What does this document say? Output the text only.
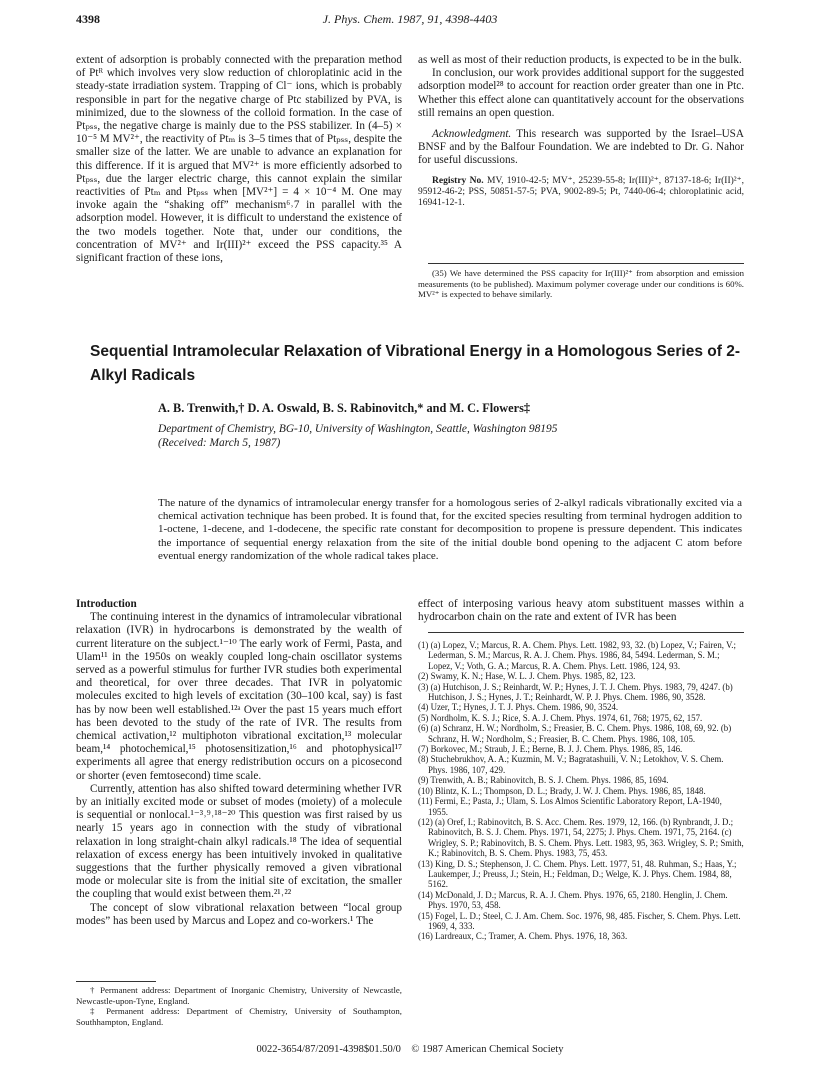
4398	J. Phys. Chem. 1987, 91, 4398-4403

extent of adsorption is probably connected with the preparation method of Ptᴿ which involves very slow reduction of chloroplatinic acid in the steady-state irradiation system. Trapping of Cl⁻ ions, which is probably responsible in part for the negative charge of Ptc stabilized by PVA, is minimized, due to the slowness of the colloid formation. In the case of Ptₚₛₛ, the negative charge is mainly due to the PSS stabilizer. In (4–5) × 10⁻⁵ M MV²⁺, the reactivity of Ptₘ is 3–5 times that of Ptₚₛₛ, despite the smaller size of the latter. We are unable to advance an explanation for this difference. If it is argued that MV²⁺ is more efficiently adsorbed to Ptₚₛₛ, due the larger electric charge, this cannot explain the similar reactivities of Ptₘ and Ptₚₛₛ when [MV²⁺] = 4 × 10⁻⁴ M. One may invoke again the “shaking off” mechanism⁶˒7 in parallel with the adsorption model. However, it is difficult to understand the existence of the two models together. Note that, under our conditions, the concentration of MV²⁺ and Ir(III)²⁺ exceed the PSS capacity.³⁵ A significant fraction of these ions,

as well as most of their reduction products, is expected to be in the bulk.

In conclusion, our work provides additional support for the suggested adsorption model²⁸ to account for reaction order greater than one in Ptc. Whether this effect alone can quantitatively account for the observations still remains an open question.

Acknowledgment. This research was supported by the Israel–USA BNSF and by the Balfour Foundation. We are indebted to Dr. G. Nahor for useful discussions.

Registry No. MV, 1910-42-5; MV⁺, 25239-55-8; Ir(III)²⁺, 87137-18-6; Ir(II)²⁺, 95912-46-2; PSS, 50851-57-5; PVA, 9002-89-5; Pt, 7440-06-4; chloroplatinic acid, 16941-12-1.

(35) We have determined the PSS capacity for Ir(III)²⁺ from absorption and emission measurements (to be published). Maximum polymer coverage under our conditions is 60%. MV²⁺ is expected to behave similarly.

Sequential Intramolecular Relaxation of Vibrational Energy in a Homologous Series of 2-Alkyl Radicals
A. B. Trenwith,† D. A. Oswald, B. S. Rabinovitch,* and M. C. Flowers‡
Department of Chemistry, BG-10, University of Washington, Seattle, Washington 98195
(Received: March 5, 1987)
The nature of the dynamics of intramolecular energy transfer for a homologous series of 2-alkyl radicals vibrationally excited via a chemical activation technique has been probed. It is found that, for the excited species resulting from terminal hydrogen addition to 1-octene, 1-decene, and 1-dodecene, the specific rate constant for decomposition to propene is pressure dependent. This indicates the importance of sequential energy relaxation from the site of the initial double bond opening to the adjacent C atom before eventual energy randomization of the whole radical takes place.

Introduction

The continuing interest in the dynamics of intramolecular vibrational relaxation (IVR) in hydrocarbons is demonstrated by the wealth of current literature on the subject.¹⁻¹⁰ The early work of Fermi, Pasta, and Ulam¹¹ in the 1950s on weakly coupled long-chain oscillator systems served as a powerful stimulus for further IVR studies both experimental and theoretical, for over three decades. That IVR in polyatomic molecules excited to high levels of excitation (30–100 kcal, say) is fast has by now been well established.¹²ᵃ Over the past 15 years much effort has been devoted to the study of the rate of IVR. The results from chemical activation,¹² multiphoton vibrational excitation,¹³ molecular beam,¹⁴ photochemical,¹⁵ photosensitization,¹⁶ and photophysical¹⁷ experiments all agree that energy redistribution occurs on a picosecond or shorter (even femtosecond) time scale.

Currently, attention has also shifted toward determining whether IVR by an initially excited mode or subset of modes (moiety) of a molecule is sequential or nonlocal.¹⁻³˒⁹˒¹⁸⁻²⁰ This question was first raised by us nearly 15 years ago in connection with the study of vibrational relaxation in long straight-chain alkyl radicals.¹⁸ The idea of sequential relaxation of excess energy has been intuitively invoked in qualitative suggestions that the further physically removed a given vibrational mode or molecular site is from the initial site of excitation, the smaller the coupling that would exist between them.²¹˒²²

The concept of slow vibrational relaxation between “local group modes” has been used by Marcus and Lopez and co-workers.¹ The

† Permanent address: Department of Inorganic Chemistry, University of Newcastle, Newcastle-upon-Tyne, England.

‡ Permanent address: Department of Chemistry, University of Southampton, Southhampton, England.

effect of interposing various heavy atom substituent masses within a hydrocarbon chain on the rate and extent of IVR has been

(1) (a) Lopez, V.; Marcus, R. A. Chem. Phys. Lett. 1982, 93, 32. (b) Lopez, V.; Fairen, V.; Lederman, S. M.; Marcus, R. A. J. Chem. Phys. 1986, 84, 5494. Lederman, S. M.; Lopez, V.; Voth, G. A.; Marcus, R. A. Chem. Phys. Lett. 1986, 124, 93.

(2) Swamy, K. N.; Hase, W. L. J. Chem. Phys. 1985, 82, 123.

(3) (a) Hutchison, J. S.; Reinhardt, W. P.; Hynes, J. T. J. Chem. Phys. 1983, 79, 4247. (b) Hutchison, J. S.; Hynes, J. T.; Reinhardt, W. P. J. Phys. Chem. 1986, 90, 3528.

(4) Uzer, T.; Hynes, J. T. J. Phys. Chem. 1986, 90, 3524.

(5) Nordholm, K. S. J.; Rice, S. A. J. Chem. Phys. 1974, 61, 768; 1975, 62, 157.

(6) (a) Schranz, H. W.; Nordholm, S.; Freasier, B. C. Chem. Phys. 1986, 108, 69, 92. (b) Schranz, H. W.; Nordholm, S.; Freasier, B. C. Chem. Phys. 1986, 108, 105.

(7) Borkovec, M.; Straub, J. E.; Berne, B. J. J. Chem. Phys. 1986, 85, 146.

(8) Stuchebrukhov, A. A.; Kuzmin, M. V.; Bagratashuili, V. N.; Letokhov, V. S. Chem. Phys. 1986, 107, 429.

(9) Trenwith, A. B.; Rabinovitch, B. S. J. Chem. Phys. 1986, 85, 1694.

(10) Blintz, K. L.; Thompson, D. L.; Brady, J. W. J. Chem. Phys. 1986, 85, 1848.

(11) Fermi, E.; Pasta, J.; Ulam, S. Los Almos Scientific Laboratory Report, LA-1940, 1955.

(12) (a) Oref, I.; Rabinovitch, B. S. Acc. Chem. Res. 1979, 12, 166. (b) Rynbrandt, J. D.; Rabinovitch, B. S. J. Chem. Phys. 1971, 54, 2275; J. Phys. Chem. 1971, 75, 2164. (c) Wrigley, S. P.; Rabinovitch, B. S. Chem. Phys. Lett. 1983, 95, 363. Wrigley, S. P.; Smith, K.; Rabinovitch, B. S. Chem. Phys. 1983, 75, 453.

(13) King, D. S.; Stephenson, J. C. Chem. Phys. Lett. 1977, 51, 48. Ruhman, S.; Haas, Y.; Laukemper, J.; Preuss, J.; Stein, H.; Feldman, D.; Welge, K. J. Phys. Chem. 1984, 88, 5162.

(14) McDonald, J. D.; Marcus, R. A. J. Chem. Phys. 1976, 65, 2180. Henglin, J. Chem. Phys. 1970, 53, 458.

(15) Fogel, L. D.; Steel, C. J. Am. Chem. Soc. 1976, 98, 485. Fischer, S. Chem. Phys. Lett. 1969, 4, 333.

(16) Lardreaux, C.; Tramer, A. Chem. Phys. 1976, 18, 363.

0022-3654/87/2091-4398$01.50/0 © 1987 American Chemical Society
